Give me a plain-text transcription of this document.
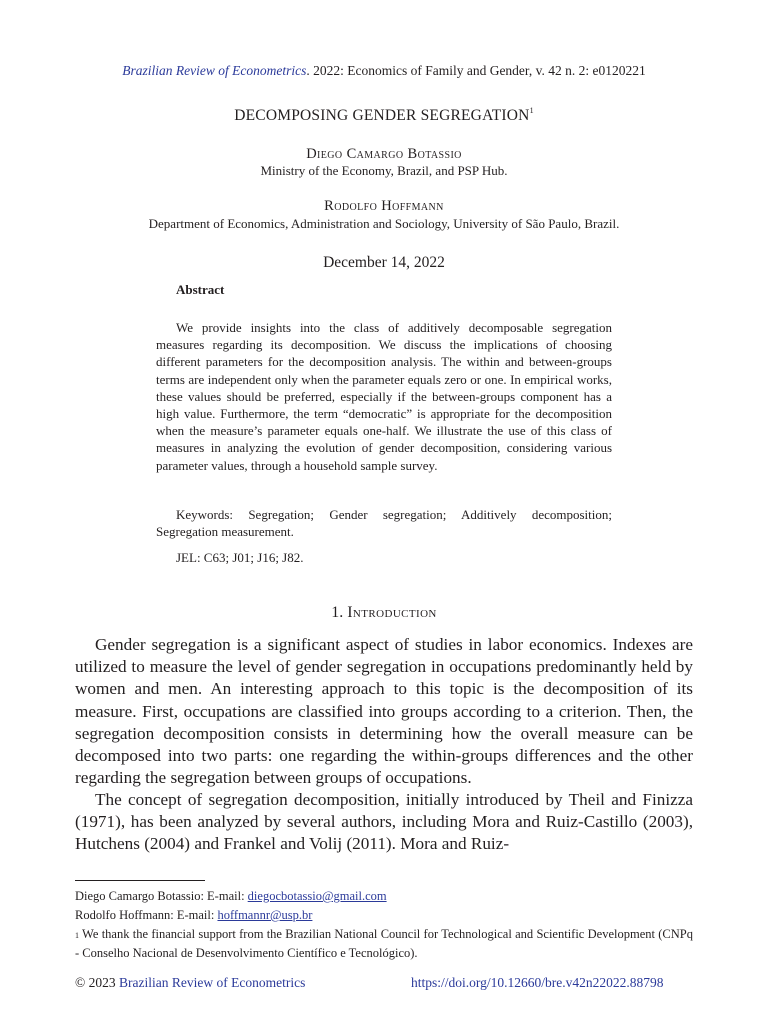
Brazilian Review of Econometrics. 2022: Economics of Family and Gender, v. 42 n. 2: e0120221
DECOMPOSING GENDER SEGREGATION$^1$
Diego Camargo Botassio
Ministry of the Economy, Brazil, and PSP Hub.
Rodolfo Hoffmann
Department of Economics, Administration and Sociology, University of São Paulo, Brazil.
December 14, 2022
Abstract
We provide insights into the class of additively decomposable segregation measures regarding its decomposition. We discuss the implications of choosing different parameters for the decomposition analysis. The within and between-groups terms are independent only when the parameter equals zero or one. In empirical works, these values should be preferred, especially if the between-groups component has a high value. Furthermore, the term “democratic” is appropriate for the decomposition when the measure’s parameter equals one-half. We illustrate the use of this class of measures in analyzing the evolution of gender decomposition, considering various parameter values, through a household sample survey.
Keywords: Segregation; Gender segregation; Additively decomposition; Segregation measurement.
JEL: C63; J01; J16; J82.
1. Introduction
Gender segregation is a significant aspect of studies in labor economics. Indexes are utilized to measure the level of gender segregation in occupations predominantly held by women and men. An interesting approach to this topic is the decomposition of its measure. First, occupations are classified into groups according to a criterion. Then, the segregation decomposition consists in determining how the overall measure can be decomposed into two parts: one regarding the within-groups differences and the other regarding the segregation between groups of occupations.
The concept of segregation decomposition, initially introduced by Theil and Finizza (1971), has been analyzed by several authors, including Mora and Ruiz-Castillo (2003), Hutchens (2004) and Frankel and Volij (2011). Mora and Ruiz-
Diego Camargo Botassio: E-mail: diegocbotassio@gmail.com
Rodolfo Hoffmann: E-mail: hoffmannr@usp.br
$^1$ We thank the financial support from the Brazilian National Council for Technological and Scientific Development (CNPq - Conselho Nacional de Desenvolvimento Científico e Tecnológico).
© 2023 Brazilian Review of Econometrics	https://doi.org/10.12660/bre.v42n22022.88798
